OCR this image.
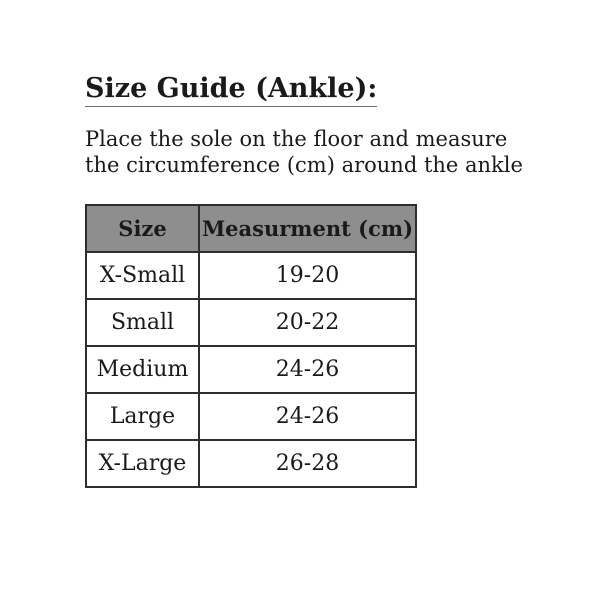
Size Guide (Ankle):

Place the sole on the floor and measure
the circumference (cm) around the ankle

Size	Measurment (cm)
X-Small	19-20
Small	20-22
Medium	24-26
Large	24-26
X-Large	26-28
